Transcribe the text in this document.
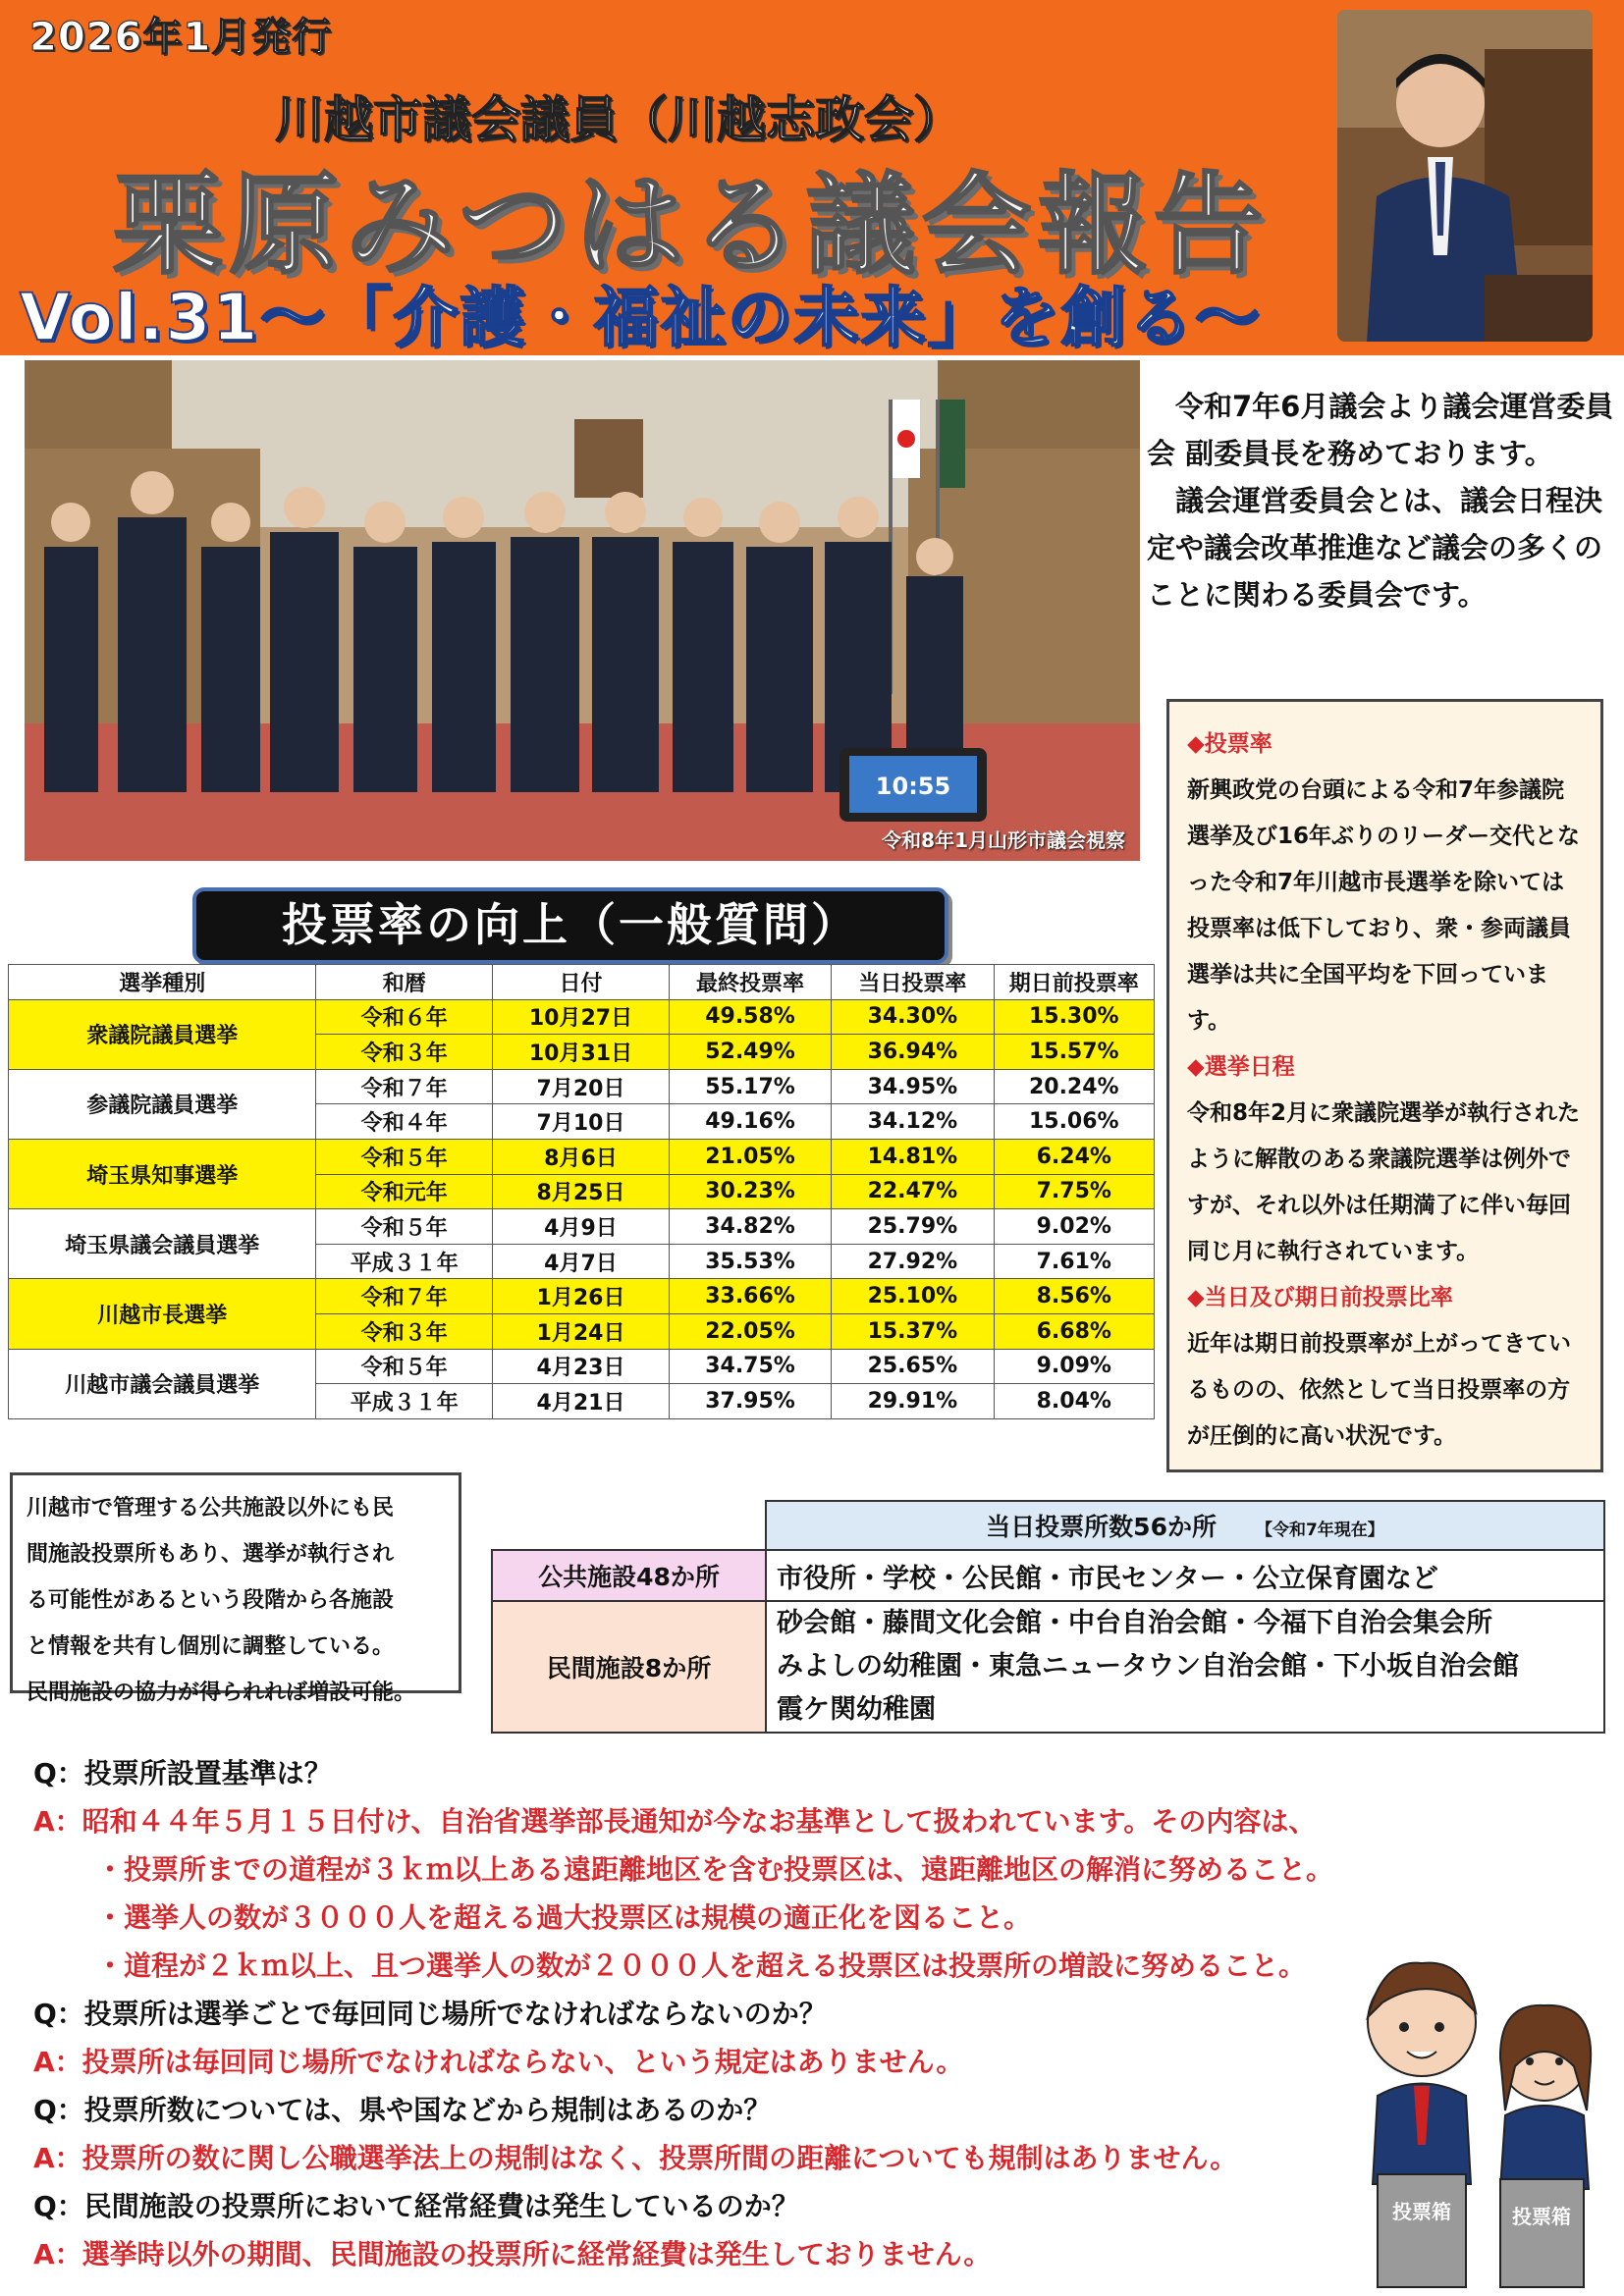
2026年1月発行
川越市議会議員（川越志政会）
栗原みつはる議会報告
Vol.31～「介護・福祉の未来」を創る～
10:55
令和8年1月山形市議会視察

　令和7年6月議会より議会運営委員会 副委員長を務めております。

　議会運営委員会とは、議会日程決定や議会改革推進など議会の多くのことに関わる委員会です。

◆投票率

新興政党の台頭による令和7年参議院選挙及び16年ぶりのリーダー交代となった令和7年川越市長選挙を除いては投票率は低下しており、衆・参両議員選挙は共に全国平均を下回っています。

◆選挙日程

令和8年2月に衆議院選挙が執行されたように解散のある衆議院選挙は例外ですが、それ以外は任期満了に伴い毎回同じ月に執行されています。

◆当日及び期日前投票比率

近年は期日前投票率が上がってきているものの、依然として当日投票率の方が圧倒的に高い状況です。

投票率の向上（一般質問）
選挙種別	和暦	日付	最終投票率	当日投票率	期日前投票率
衆議院議員選挙	令和６年	10月27日	49.58%	34.30%	15.30%
	令和３年	10月31日	52.49%	36.94%	15.57%
参議院議員選挙	令和７年	7月20日	55.17%	34.95%	20.24%
	令和４年	7月10日	49.16%	34.12%	15.06%
埼玉県知事選挙	令和５年	8月6日	21.05%	14.81%	6.24%
	令和元年	8月25日	30.23%	22.47%	7.75%
埼玉県議会議員選挙	令和５年	4月9日	34.82%	25.79%	9.02%
	平成３１年	4月7日	35.53%	27.92%	7.61%
川越市長選挙	令和７年	1月26日	33.66%	25.10%	8.56%
	令和３年	1月24日	22.05%	15.37%	6.68%
川越市議会議員選挙	令和５年	4月23日	34.75%	25.65%	9.09%
	平成３１年	4月21日	37.95%	29.91%	8.04%

川越市で管理する公共施設以外にも民

間施設投票所もあり、選挙が執行され

る可能性があるという段階から各施設

と情報を共有し個別に調整している。

民間施設の協力が得られれば増設可能。

	当日投票所数56か所 【令和7年現在】
公共施設48か所	市役所・学校・公民館・市民センター・公立保育園など
民間施設8か所	砂会館・藤間文化会館・中台自治会館・今福下自治会集会所
みよしの幼稚園・東急ニュータウン自治会館・下小坂自治会館
霞ケ関幼稚園
Q：投票所設置基準は？
A：昭和４４年５月１５日付け、自治省選挙部長通知が今なお基準として扱われています。その内容は、
・投票所までの道程が３ｋｍ以上ある遠距離地区を含む投票区は、遠距離地区の解消に努めること。
・選挙人の数が３０００人を超える過大投票区は規模の適正化を図ること。
・道程が２ｋｍ以上、且つ選挙人の数が２０００人を超える投票区は投票所の増設に努めること。
Q：投票所は選挙ごとで毎回同じ場所でなければならないのか？
A：投票所は毎回同じ場所でなければならない、という規定はありません。
Q：投票所数については、県や国などから規制はあるのか？
A：投票所の数に関し公職選挙法上の規制はなく、投票所間の距離についても規制はありません。
Q：民間施設の投票所において経常経費は発生しているのか？
A：選挙時以外の期間、民間施設の投票所に経常経費は発生しておりません。
投票箱	投票箱
